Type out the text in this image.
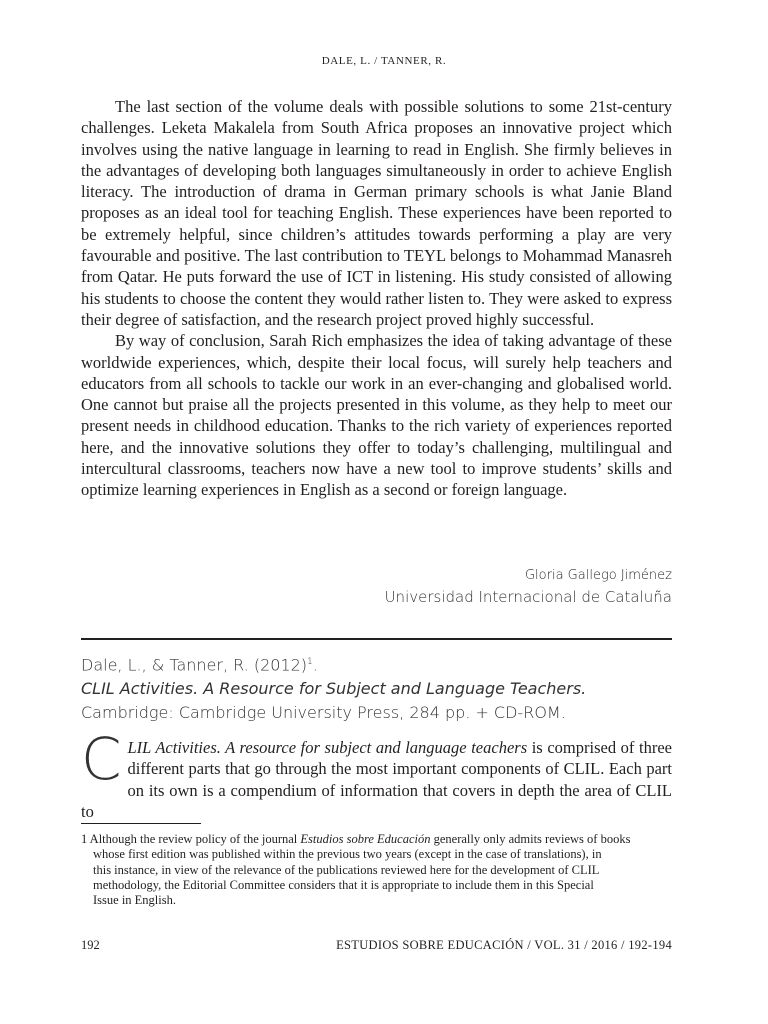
DALE, L. / TANNER, R.

The last section of the volume deals with possible solutions to some 21st-century challenges. Leketa Makalela from South Africa proposes an innovative project which involves using the native language in learning to read in English. She firmly believes in the advantages of developing both languages simultaneously in order to achieve English literacy. The introduction of drama in German primary schools is what Janie Bland proposes as an ideal tool for teaching English. These experiences have been reported to be extremely helpful, since children’s attitudes towards performing a play are very favourable and positive. The last contribution to TEYL belongs to Mohammad Manasreh from Qatar. He puts forward the use of ICT in listening. His study consisted of allowing his students to choose the content they would rather listen to. They were asked to express their degree of satisfaction, and the research project proved highly successful.

By way of conclusion, Sarah Rich emphasizes the idea of taking advantage of these worldwide experiences, which, despite their local focus, will surely help teachers and educators from all schools to tackle our work in an ever-changing and globalised world. One cannot but praise all the projects presented in this volume, as they help to meet our present needs in childhood education. Thanks to the rich variety of experiences reported here, and the innovative solutions they offer to today’s challenging, multilingual and intercultural classrooms, teachers now have a new tool to improve students’ skills and optimize learning experiences in English as a second or foreign language.

Gloria Gallego Jiménez
Universidad Internacional de Cataluña
Dale, L., & Tanner, R. $(2012)^1$.
CLIL Activities. A Resource for Subject and Language Teachers.
Cambridge: Cambridge University Press, 284 pp. + CD-ROM.
CLIL Activities. A resource for subject and language teachers is comprised of three different parts that go through the most important components of CLIL. Each part on its own is a compendium of information that covers in depth the area of CLIL to

1 Although the review policy of the journal Estudios sobre Educación generally only admits reviews of books

whose first edition was published within the previous two years (except in the case of translations), in

this instance, in view of the relevance of the publications reviewed here for the development of CLIL

methodology, the Editorial Committee considers that it is appropriate to include them in this Special

Issue in English.

192	ESTUDIOS SOBRE EDUCACIÓN / VOL. 31 / 2016 / 192-194
